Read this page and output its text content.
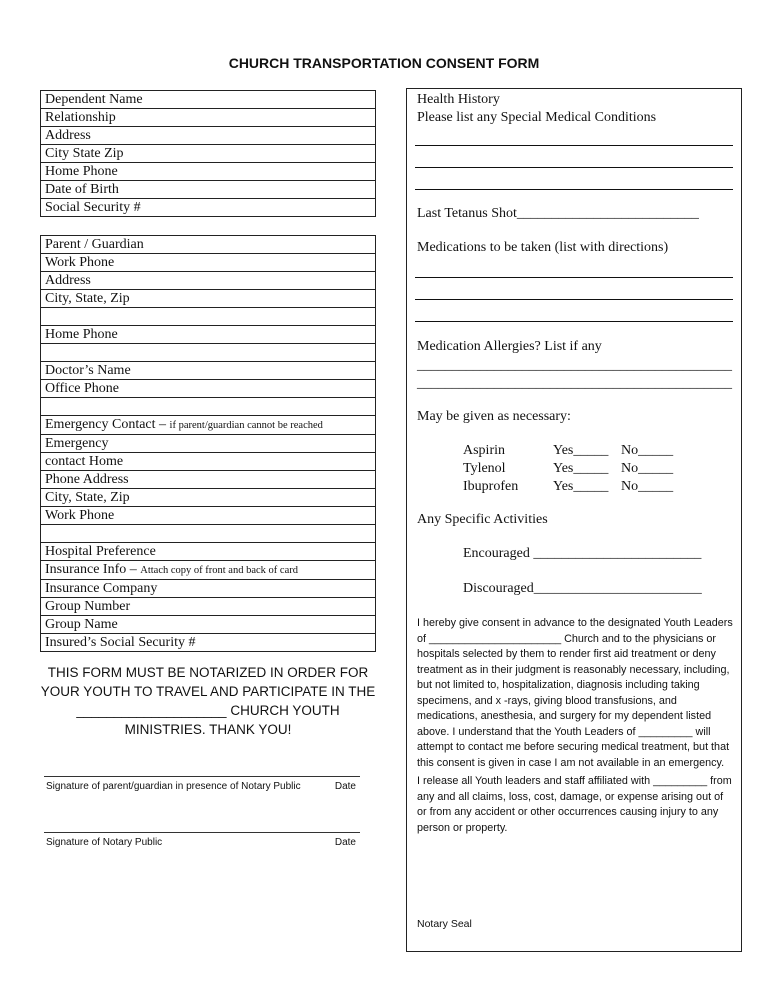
CHURCH TRANSPORTATION CONSENT FORM
Dependent Name
Relationship
Address
City State Zip
Home Phone
Date of Birth
Social Security #
Parent / Guardian
Work Phone
Address
City, State, Zip

Home Phone

Doctor’s Name
Office Phone

Emergency Contact – if parent/guardian cannot be reached
Emergency
contact Home
Phone Address
City, State, Zip
Work Phone

Hospital Preference
Insurance Info – Attach copy of front and back of card
Insurance Company
Group Number
Group Name
Insured’s Social Security #
THIS FORM MUST BE NOTARIZED IN ORDER FOR YOUR YOUTH TO TRAVEL AND PARTICIPATE IN THE ____________________ CHURCH YOUTH MINISTRIES. THANK YOU!
Signature of parent/guardian in presence of Notary Public	Date
Signature of Notary Public	Date
Health History
Please list any Special Medical Conditions
Last Tetanus Shot__________________________
Medications to be taken (list with directions)
Medication Allergies? List if any
_____________________________________________
_____________________________________________
May be given as necessary:
Aspirin	Yes_____ No_____
Tylenol	Yes_____ No_____
Ibuprofen	Yes_____ No_____
Any Specific Activities
Encouraged ________________________
Discouraged________________________
I hereby give consent in advance to the designated Youth Leaders of ______________________ Church and to the physicians or hospitals selected by them to render first aid treatment or deny treatment as in their judgment is reasonably necessary, including, but not limited to, hospitalization, diagnosis including taking specimens, and x -rays, giving blood transfusions, and medications, anesthesia, and surgery for my dependent listed above. I understand that the Youth Leaders of _________ will attempt to contact me before securing medical treatment, but that this consent is given in case I am not available in an emergency.
I release all Youth leaders and staff affiliated with _________ from any and all claims, loss, cost, damage, or expense arising out of or from any accident or other occurrences causing injury to any person or property.
Notary Seal
